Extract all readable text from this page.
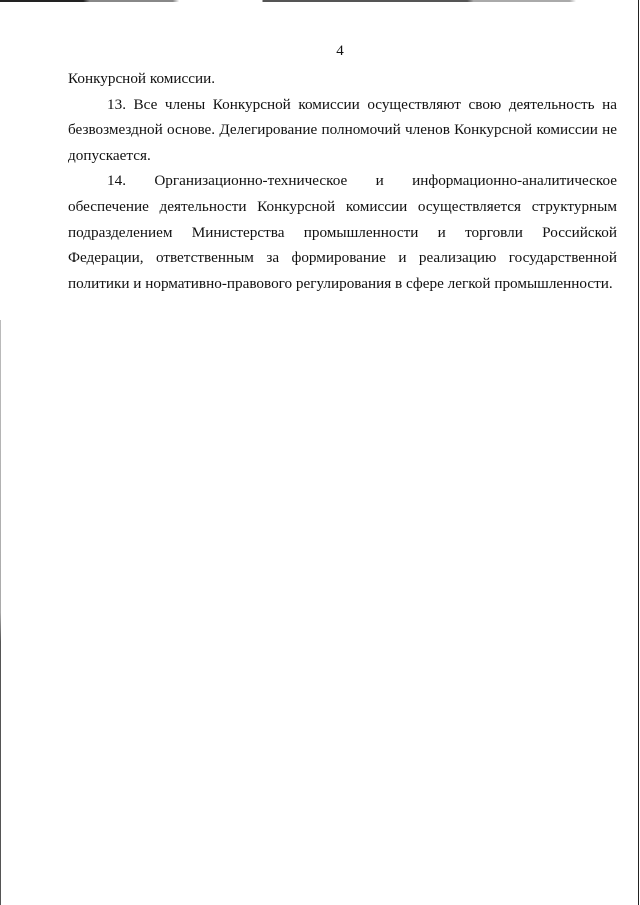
4

Конкурсной комиссии.

13. Все члены Конкурсной комиссии осуществляют свою деятельность на безвозмездной основе. Делегирование полномочий членов Конкурсной комиссии не допускается.

14. Организационно-техническое и информационно-аналитическое

обеспечение деятельности Конкурсной комиссии осуществляется структурным подразделением Министерства промышленности и торговли Российской Федерации, ответственным за формирование и реализацию государственной политики и нормативно-правового регулирования в сфере легкой промышленности.
